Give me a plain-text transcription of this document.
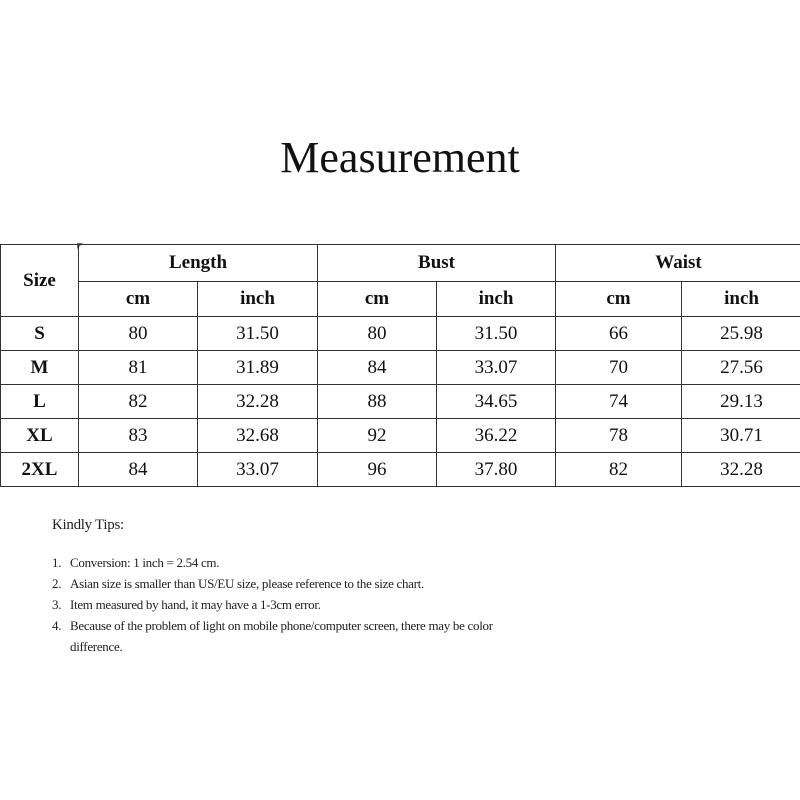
Measurement
Size	Length		Bust		Waist	
	cm	inch	cm	inch	cm	inch
S	80	31.50	80	31.50	66	25.98
M	81	31.89	84	33.07	70	27.56
L	82	32.28	88	34.65	74	29.13
XL	83	32.68	92	36.22	78	30.71
2XL	84	33.07	96	37.80	82	32.28
Kindly Tips:
1. Conversion: 1 inch = 2.54 cm.
2. Asian size is smaller than US/EU size, please reference to the size chart.
3. Item measured by hand, it may have a 1-3cm error.
4. Because of the problem of light on mobile phone/computer screen, there may be color difference.
